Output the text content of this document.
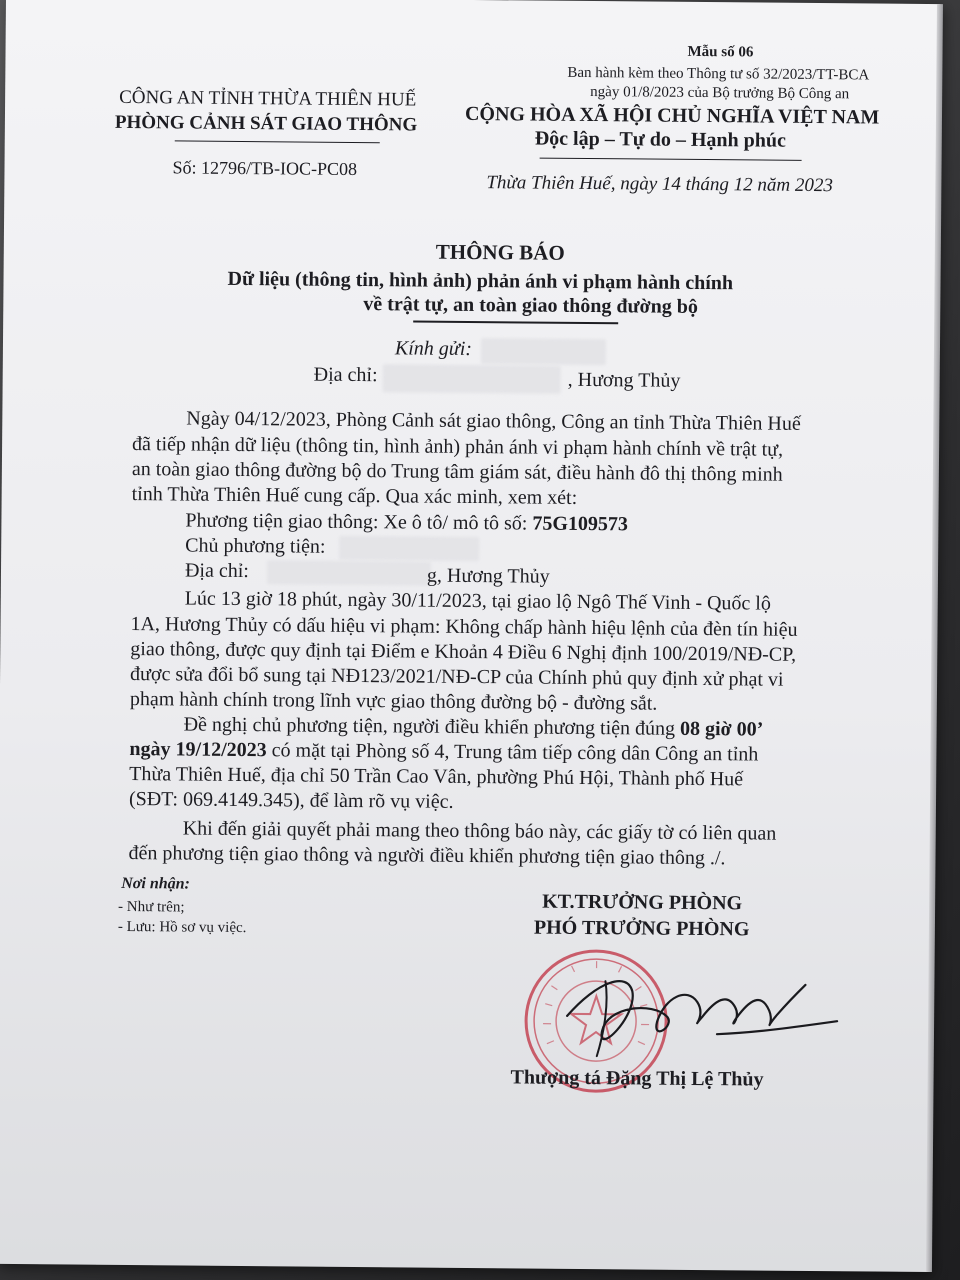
Mẫu số 06
Ban hành kèm theo Thông tư số 32/2023/TT-BCA
ngày 01/8/2023 của Bộ trưởng Bộ Công an
CÔNG AN TỈNH THỪA THIÊN HUẾ
PHÒNG CẢNH SÁT GIAO THÔNG
Số: 12796/TB-IOC-PC08
CỘNG HÒA XÃ HỘI CHỦ NGHĨA VIỆT NAM
Độc lập – Tự do – Hạnh phúc
Thừa Thiên Huế, ngày 14 tháng 12 năm 2023
THÔNG BÁO
Dữ liệu (thông tin, hình ảnh) phản ánh vi phạm hành chính
về trật tự, an toàn giao thông đường bộ
Kính gửi:
Địa chỉ:	, Hương Thủy
Ngày 04/12/2023, Phòng Cảnh sát giao thông, Công an tỉnh Thừa Thiên Huế
đã tiếp nhận dữ liệu (thông tin, hình ảnh) phản ánh vi phạm hành chính về trật tự,
an toàn giao thông đường bộ do Trung tâm giám sát, điều hành đô thị thông minh
tỉnh Thừa Thiên Huế cung cấp. Qua xác minh, xem xét:
Phương tiện giao thông: Xe ô tô/ mô tô số: 75G109573
Chủ phương tiện:
Địa chỉ:	g, Hương Thủy
Lúc 13 giờ 18 phút, ngày 30/11/2023, tại giao lộ Ngô Thế Vinh - Quốc lộ
1A, Hương Thủy có dấu hiệu vi phạm: Không chấp hành hiệu lệnh của đèn tín hiệu
giao thông, được quy định tại Điểm e Khoản 4 Điều 6 Nghị định 100/2019/NĐ-CP,
được sửa đổi bổ sung tại NĐ123/2021/NĐ-CP của Chính phủ quy định xử phạt vi
phạm hành chính trong lĩnh vực giao thông đường bộ - đường sắt.
Đề nghị chủ phương tiện, người điều khiển phương tiện đúng 08 giờ 00’
ngày 19/12/2023 có mặt tại Phòng số 4, Trung tâm tiếp công dân Công an tỉnh
Thừa Thiên Huế, địa chỉ 50 Trần Cao Vân, phường Phú Hội, Thành phố Huế
(SĐT: 069.4149.345), để làm rõ vụ việc.
Khi đến giải quyết phải mang theo thông báo này, các giấy tờ có liên quan
đến phương tiện giao thông và người điều khiển phương tiện giao thông ./.
Nơi nhận:
- Như trên;
- Lưu: Hồ sơ vụ việc.
KT.TRƯỞNG PHÒNG
PHÓ TRƯỞNG PHÒNG
Thượng tá Đặng Thị Lệ Thủy
